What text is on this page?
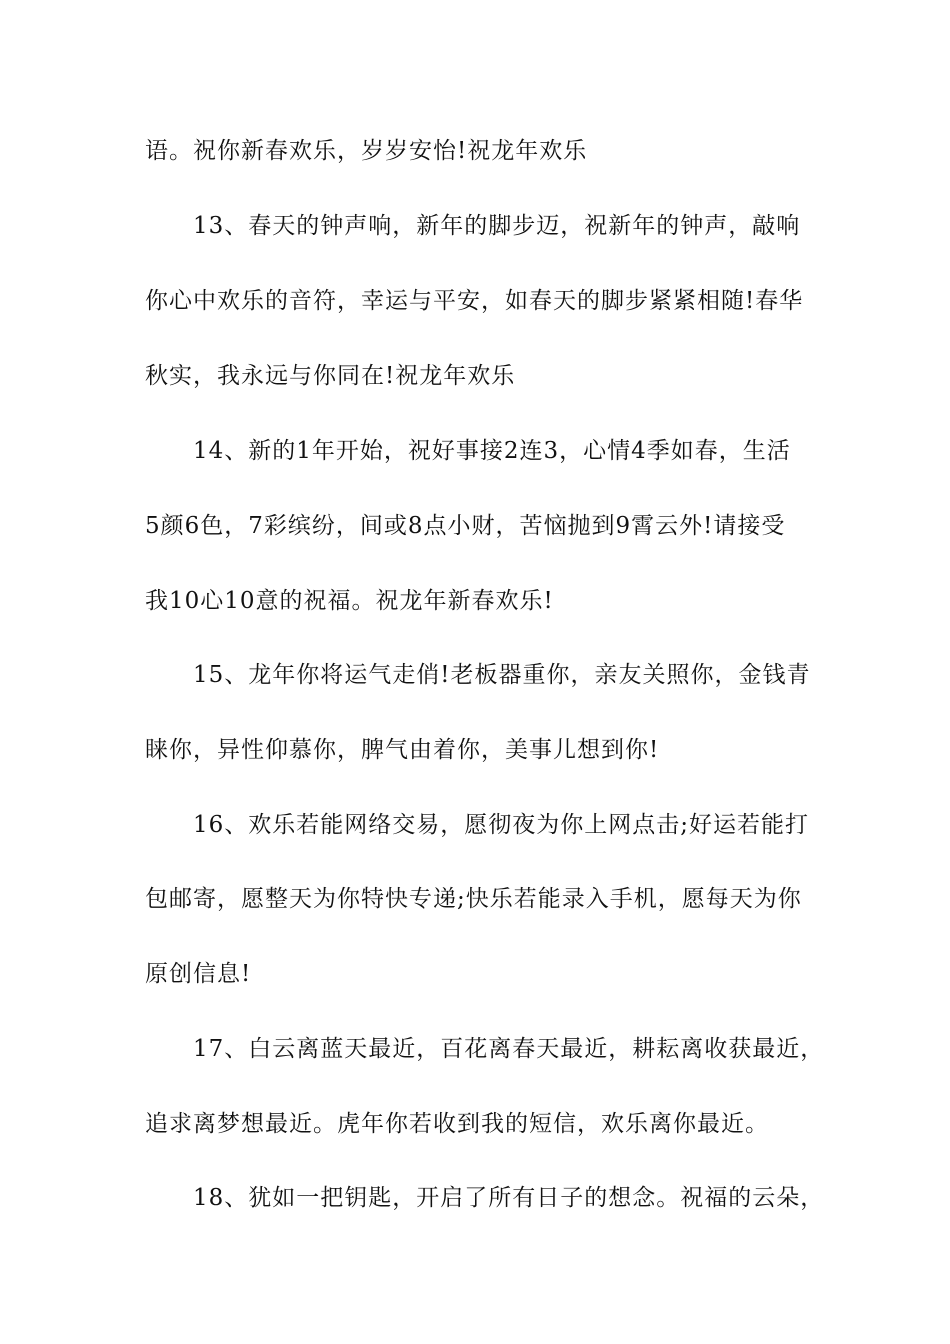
语。祝你新春欢乐，岁岁安怡!祝龙年欢乐
13、春天的钟声响，新年的脚步迈，祝新年的钟声，敲响
你心中欢乐的音符，幸运与平安，如春天的脚步紧紧相随!春华
秋实，我永远与你同在!祝龙年欢乐
14、新的1年开始，祝好事接2连3，心情4季如春，生活
5颜6色，7彩缤纷，间或8点小财，苦恼抛到9霄云外!请接受
我10心10意的祝福。祝龙年新春欢乐!
15、龙年你将运气走俏!老板器重你，亲友关照你，金钱青
睐你，异性仰慕你，脾气由着你，美事儿想到你!
16、欢乐若能网络交易，愿彻夜为你上网点击;好运若能打
包邮寄，愿整天为你特快专递;快乐若能录入手机，愿每天为你
原创信息!
17、白云离蓝天最近，百花离春天最近，耕耘离收获最近，
追求离梦想最近。虎年你若收到我的短信，欢乐离你最近。
18、犹如一把钥匙，开启了所有日子的想念。祝福的云朵，
